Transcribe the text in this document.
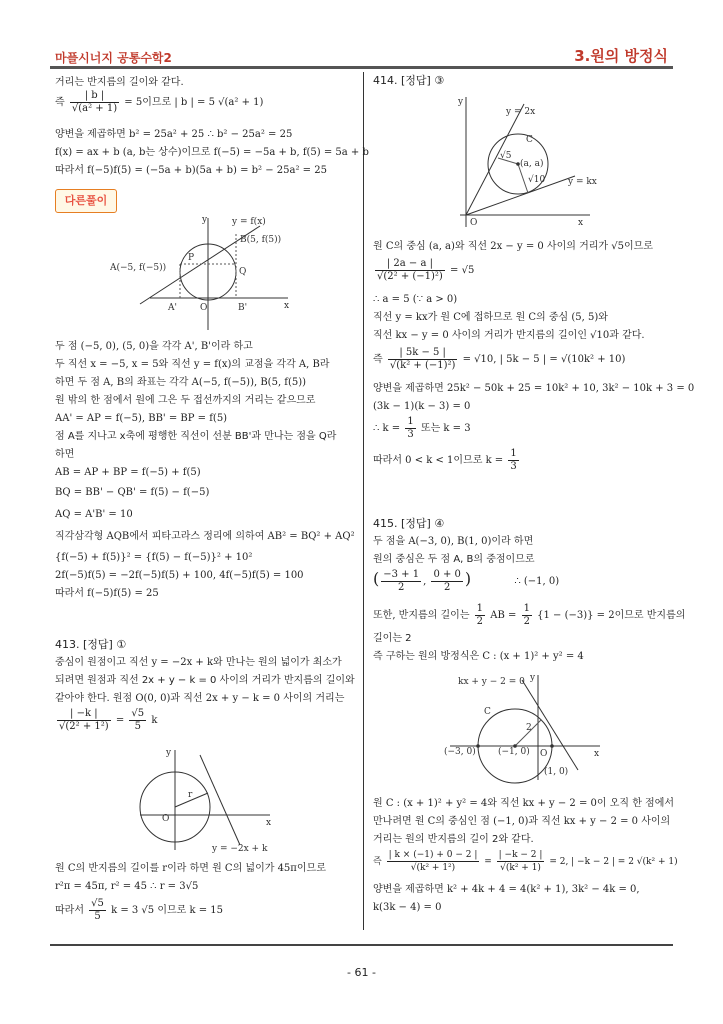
마플시너지 공통수학2	3.원의 방정식
- 61 -
거리는 반지름의 길이와 같다.
즉 $\frac{| b |}{\text{√(a² + 1)}} = 5$이므로 | b | = 5 √(a² + 1)
양변을 제곱하면 b² = 25a² + 25 ∴ b² − 25a² = 25
f(x) = ax + b (a, b는 상수)이므로 f(−5) = −5a + b, f(5) = 5a + b
따라서 f(−5)f(5) = (−5a + b)(5a + b) = b² − 25a² = 25
다른풀이
y = f(x)
B(5, f(5))
A(−5, f(−5))
P
Q
A'	O	B'	x
y
두 점 (−5, 0), (5, 0)을 각각 A', B'이라 하고
두 직선 x = −5, x = 5와 직선 y = f(x)의 교점을 각각 A, B라
하면 두 점 A, B의 좌표는 각각 A(−5, f(−5)), B(5, f(5))
원 밖의 한 점에서 원에 그은 두 접선까지의 거리는 같으므로
AA' = AP = f(−5), BB' = BP = f(5)
점 A를 지나고 x축에 평행한 직선이 선분 BB'과 만나는 점을 Q라
하면
AB = AP + BP = f(−5) + f(5)
BQ = BB' − QB' = f(5) − f(−5)
AQ = A'B' = 10
직각삼각형 AQB에서 피타고라스 정리에 의하여 AB² = BQ² + AQ²
{f(−5) + f(5)}² = {f(5) − f(−5)}² + 10²
2f(−5)f(5) = −2f(−5)f(5) + 100, 4f(−5)f(5) = 100
따라서 f(−5)f(5) = 25
413. [정답] ①
중심이 원점이고 직선 y = −2x + k와 만나는 원의 넓이가 최소가
되려면 원점과 직선 2x + y − k = 0 사이의 거리가 반지름의 길이와
같아야 한다. 원점 O(0, 0)과 직선 2x + y − k = 0 사이의 거리는
$\frac{| -k |}{\text{√(2² + 1²)}} = \frac{√5}{5}$ k
y
x
r
O
y = −2x + k
원 C의 반지름의 길이를 r이라 하면 원 C의 넓이가 45π이므로
r²π = 45π, r² = 45 ∴ r = 3√5
따라서 $\frac{√5}{5}$ k = 3 √5 이므로 k = 15
414. [정답] ③
y
x
O
y = 2x
y = kx
C
√5
(a, a)
√10
원 C의 중심 (a, a)와 직선 2x − y = 0 사이의 거리가 √5이므로
$\frac{| 2a - a |}{\text{√(2² + (−1)²)}} = √5$
∴ a = 5 (∵ a > 0)
직선 y = kx가 원 C에 접하므로 원 C의 중심 (5, 5)와
직선 kx − y = 0 사이의 거리가 반지름의 길이인 √10과 같다.
즉 $\frac{| 5k - 5 |}{\text{√(k² + (−1)²)}} = √10$, | 5k − 5 | = √(10k² + 10)
양변을 제곱하면 25k² − 50k + 25 = 10k² + 10, 3k² − 10k + 3 = 0
(3k − 1)(k − 3) = 0
∴ $k = \frac{1}{3}$ 또는 k = 3
따라서 0 < k < 1이므로 $k = \frac{1}{3}$
415. [정답] ④
두 점을 A(−3, 0), B(1, 0)이라 하면
원의 중심은 두 점 A, B의 중점이므로
( $\frac{-3 + 1}{2}$ , $\frac{0 + 0}{2}$ )	∴ (−1, 0)
또한, 반지름의 길이는 $\frac{1}{2}$ AB = $\frac{1}{2} \{1 - (-3)\} = 2$이므로 반지름의
길이는 2
즉 구하는 원의 방정식은 C : (x + 1)² + y² = 4
y
x
kx + y − 2 = 0
C
2
(−3, 0) (−1, 0) O
(1, 0)
원 C : (x + 1)² + y² = 4와 직선 kx + y − 2 = 0이 오직 한 점에서
만나려면 원 C의 중심인 점 (−1, 0)과 직선 kx + y − 2 = 0 사이의
거리는 원의 반지름의 길이 2와 같다.
즉 $\frac{| k \times (-1) + 0 - 2 |}{\text{√(k² + 1²)}} = \frac{| -k - 2 |}{\text{√(k² + 1)}} = 2$, | −k − 2 | = 2 √(k² + 1)
양변을 제곱하면 k² + 4k + 4 = 4(k² + 1), 3k² − 4k = 0,
k(3k − 4) = 0
